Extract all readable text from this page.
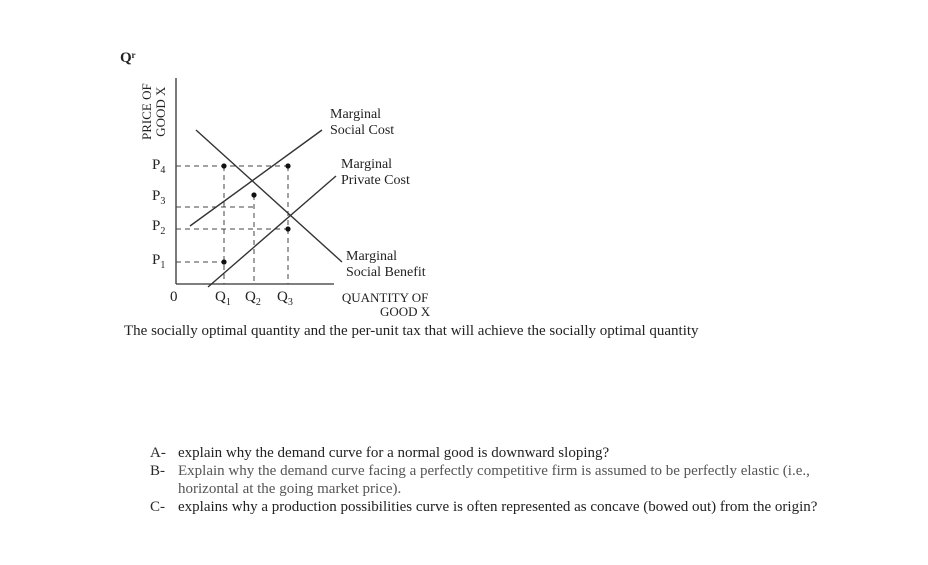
Qʳ
PRICE OF GOOD X
$P_4$
$P_3$
$P_2$
$P_1$
0	$Q_1$ $Q_2$ $Q_3$	QUANTITY OF
GOOD X
Marginal
Social Cost
Marginal
Private Cost
Marginal
Social Benefit
The socially optimal quantity and the per-unit tax that will achieve the socially optimal quantity
A- explain why the demand curve for a normal good is downward sloping?
B- Explain why the demand curve facing a perfectly competitive firm is assumed to be perfectly elastic (i.e., horizontal at the going market price).
C- explains why a production possibilities curve is often represented as concave (bowed out) from the origin?
